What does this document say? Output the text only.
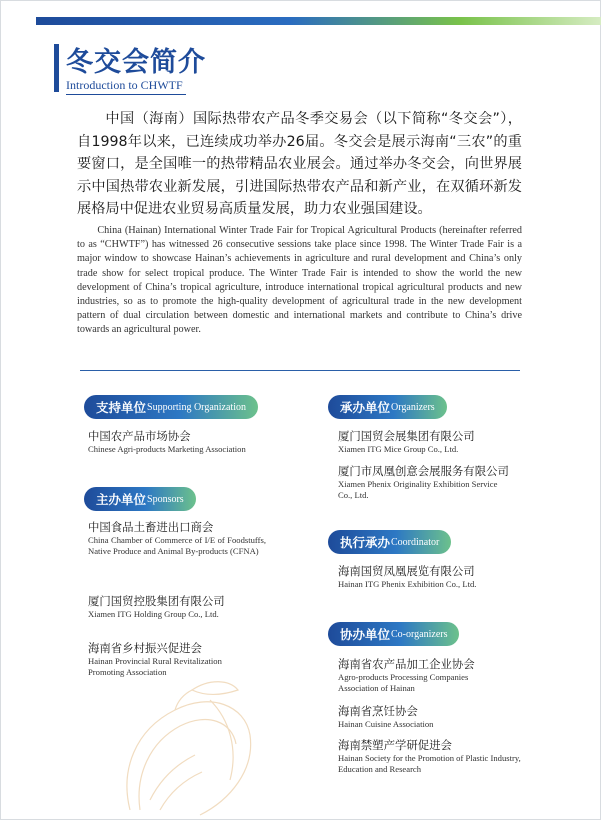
冬交会简介
Introduction to CHWTF
中国（海南）国际热带农产品冬季交易会（以下简称“冬交会”），自1998年以来，已连续成功举办26届。冬交会是展示海南“三农”的重要窗口，是全国唯一的热带精品农业展会。通过举办冬交会，向世界展示中国热带农业新发展，引进国际热带农产品和新产业，在双循环新发展格局中促进农业贸易高质量发展，助力农业强国建设。
China (Hainan) International Winter Trade Fair for Tropical Agricultural Products (hereinafter referred to as “CHWTF”) has witnessed 26 consecutive sessions take place since 1998. The Winter Trade Fair is a major window to showcase Hainan’s achievements in agriculture and rural development and China’s only trade show for select tropical produce. The Winter Trade Fair is intended to show the world the new development of China’s tropical agriculture, introduce international tropical agricultural products and new industries, so as to promote the high-quality development of agricultural trade in the new development pattern of dual circulation between domestic and international markets and contribute to China’s drive towards an agricultural power.
支持单位 Supporting Organization
中国农产品市场协会
Chinese Agri-products Marketing Association
主办单位 Sponsors
中国食品土畜进出口商会
China Chamber of Commerce of I/E of Foodstuffs, Native Produce and Animal By-products (CFNA)
厦门国贸控股集团有限公司
Xiamen ITG Holding Group Co., Ltd.
海南省乡村振兴促进会
Hainan Provincial Rural Revitalization Promoting Association
承办单位 Organizers
厦门国贸会展集团有限公司
Xiamen ITG Mice Group Co., Ltd.
厦门市凤凰创意会展服务有限公司
Xiamen Phenix Originality Exhibition Service Co., Ltd.
执行承办 Coordinator
海南国贸凤凰展览有限公司
Hainan ITG Phenix Exhibition Co., Ltd.
协办单位 Co-organizers
海南省农产品加工企业协会
Agro-products Processing Companies Association of Hainan
海南省烹饪协会
Hainan Cuisine Association
海南禁塑产学研促进会
Hainan Society for the Promotion of Plastic Industry, Education and Research
